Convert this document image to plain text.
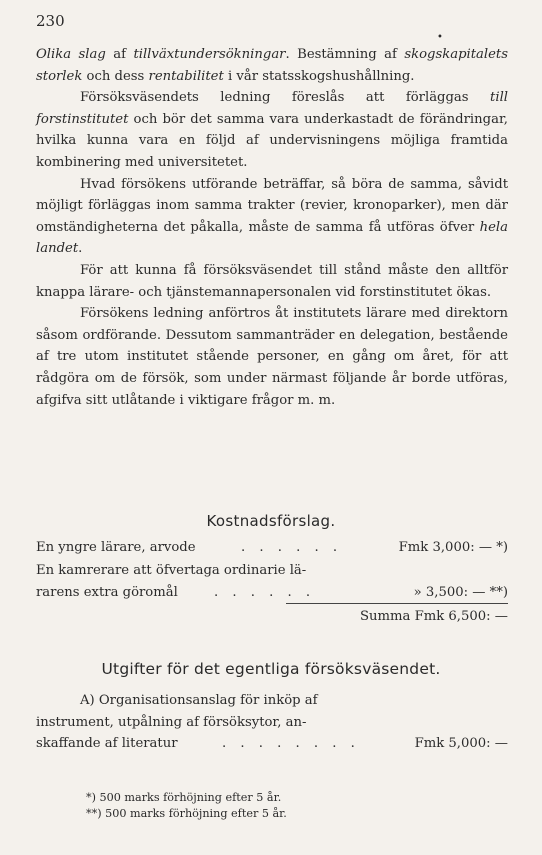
230
•

Olika slag af tillväxtundersökningar. Bestämning af skogskapitalets storlek och dess rentabilitet i vår statsskogshushållning.

Försöksväsendets ledning föreslås att förläggas till forstinstitutet och bör det samma vara underkastadt de förändringar, hvilka kunna vara en följd af undervisningens möjliga framtida kombinering med universitetet.

Hvad försökens utförande beträffar, så böra de samma, såvidt möjligt förläggas inom samma trakter (revier, kronoparker), men där omständigheterna det påkalla, måste de samma få utföras öfver hela landet.

För att kunna få försöksväsendet till stånd måste den alltför knappa lärare- och tjänstemannapersonalen vid forstinstitutet ökas.

Försökens ledning anförtros åt institutets lärare med direktorn såsom ordförande. Dessutom sammanträder en delegation, bestående af tre utom institutet stående personer, en gång om året, för att rådgöra om de försök, som under närmast följande år borde utföras, afgifva sitt utlåtande i viktigare frågor m. m.

Kostnadsförslag.
En yngre lärare, arvode	. . . . . .	Fmk 3,000: — *)
En kamrerare att öfvertaga ordinarie lä-
rarens extra göromål	. . . . . .	» 3,500: — **)
Summa Fmk 6,500: —
Utgifter för det egentliga försöksväsendet.
A) Organisationsanslag för inköp af
instrument, utpålning af försöksytor, an-
skaffande af literatur	. . . . . . . .	Fmk 5,000: —
*) 500 marks förhöjning efter 5 år.
**) 500 marks förhöjning efter 5 år.
